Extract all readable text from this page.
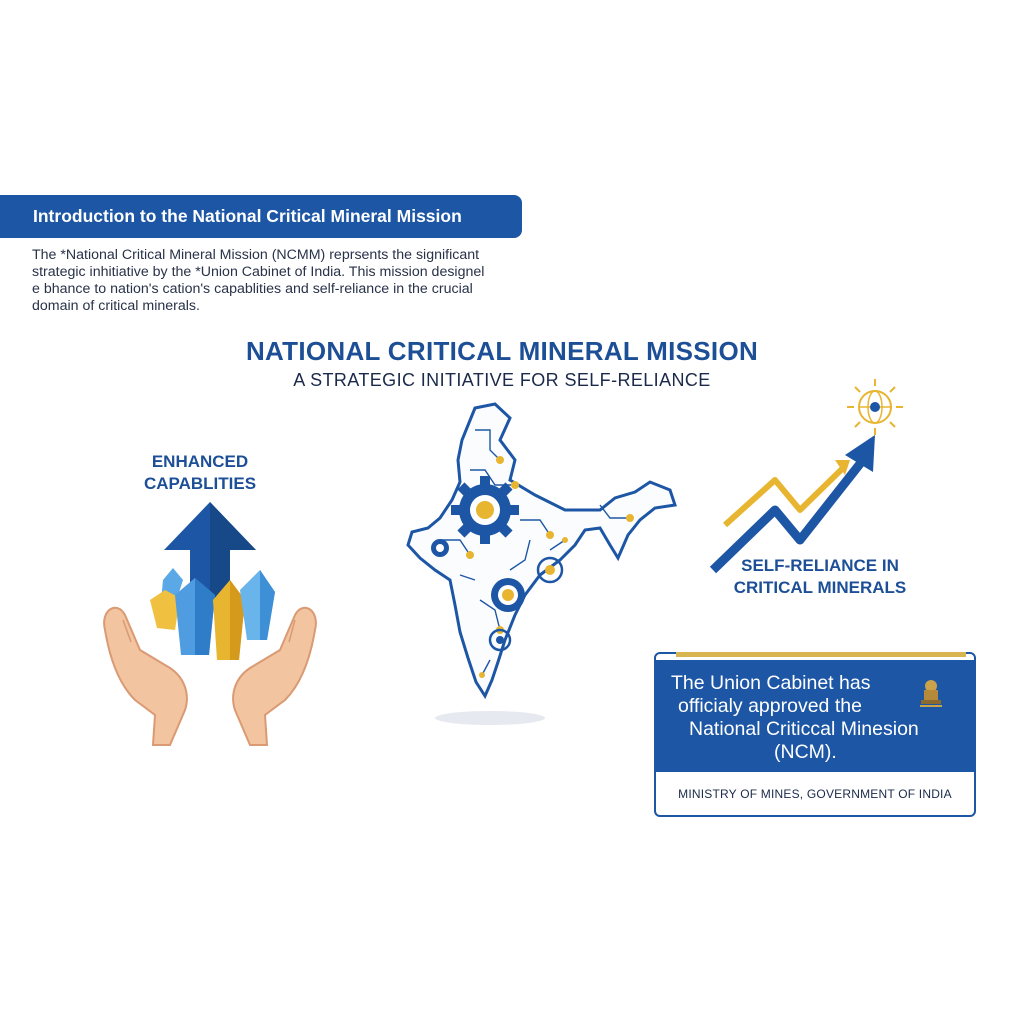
Introduction to the National Critical Mineral Mission
The *National Critical Mineral Mission (NCMM) reprsents the significant
strategic inhitiative by the *Union Cabinet of India. This mission designel
e bhance to nation's cation's capablities and self-reliance in the crucial
domain of critical minerals.
NATIONAL CRITICAL MINERAL MISSION
A STRATEGIC INITIATIVE FOR SELF-RELIANCE
ENHANCED
CAPABLITIES
SELF-RELIANCE IN
CRITICAL MINERALS
The Union Cabinet has
officialy approved the
National Criticcal Minesion
(NCM).
MINISTRY OF MINES, GOVERNMENT OF INDIA
